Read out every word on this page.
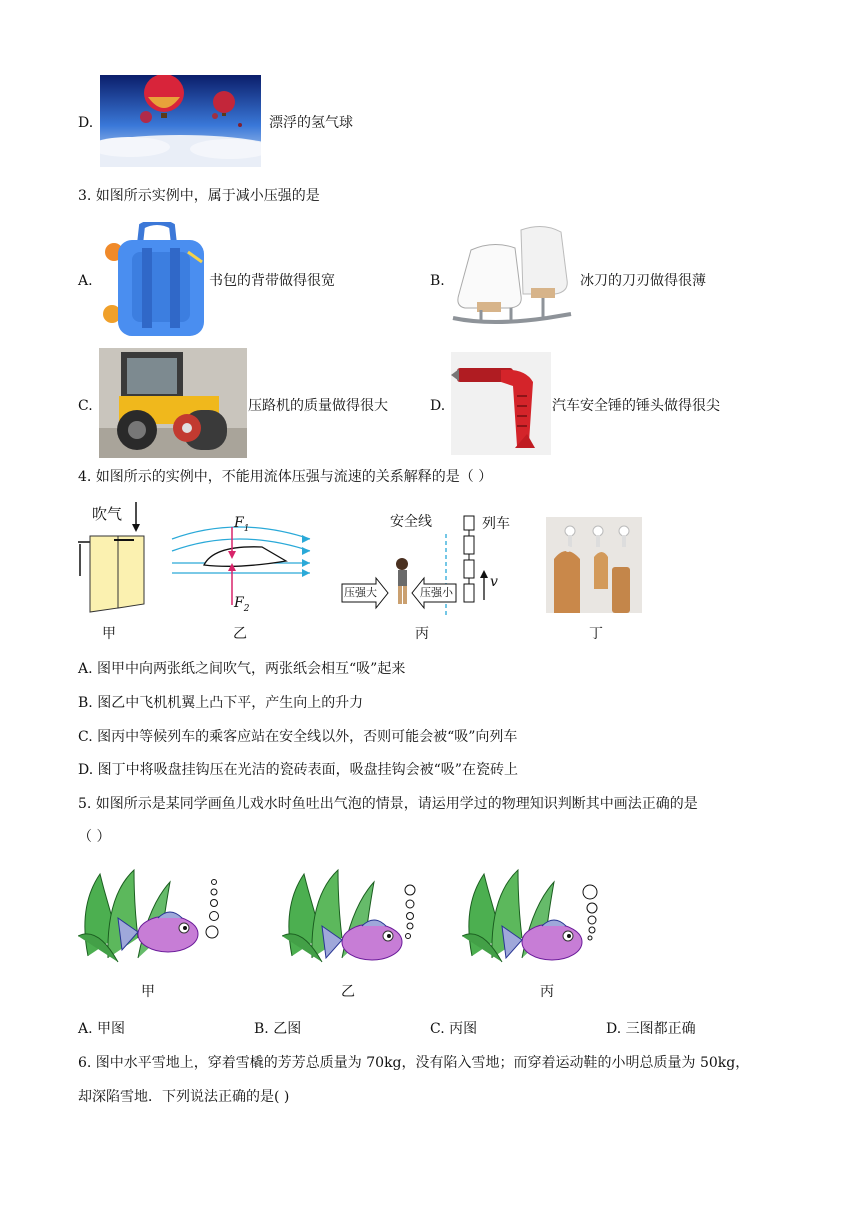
D.	漂浮的氢气球
3. 如图所示实例中，属于减小压强的是
A.	书包的背带做得很宽	B.	冰刀的刀刃做得很薄
C.	压路机的质量做得很大	D.	汽车安全锤的锤头做得很尖
4. 如图所示的实例中，不能用流体压强与流速的关系解释的是（ ）
吹气	$F_1$
$F_2$
安全线	列车
压强大	压强小
v
甲	乙	丙	丁
A. 图甲中向两张纸之间吹气，两张纸会相互“吸”起来
B. 图乙中飞机机翼上凸下平，产生向上的升力
C. 图丙中等候列车的乘客应站在安全线以外，否则可能会被“吸”向列车
D. 图丁中将吸盘挂钩压在光洁的瓷砖表面，吸盘挂钩会被“吸”在瓷砖上
5. 如图所示是某同学画鱼儿戏水时鱼吐出气泡的情景，请运用学过的物理知识判断其中画法正确的是
（ ）
甲	乙	丙
A. 甲图	B. 乙图	C. 丙图	D. 三图都正确
6. 图中水平雪地上，穿着雪橇的芳芳总质量为 70kg，没有陷入雪地；而穿着运动鞋的小明总质量为 50kg，
却深陷雪地．下列说法正确的是( )
